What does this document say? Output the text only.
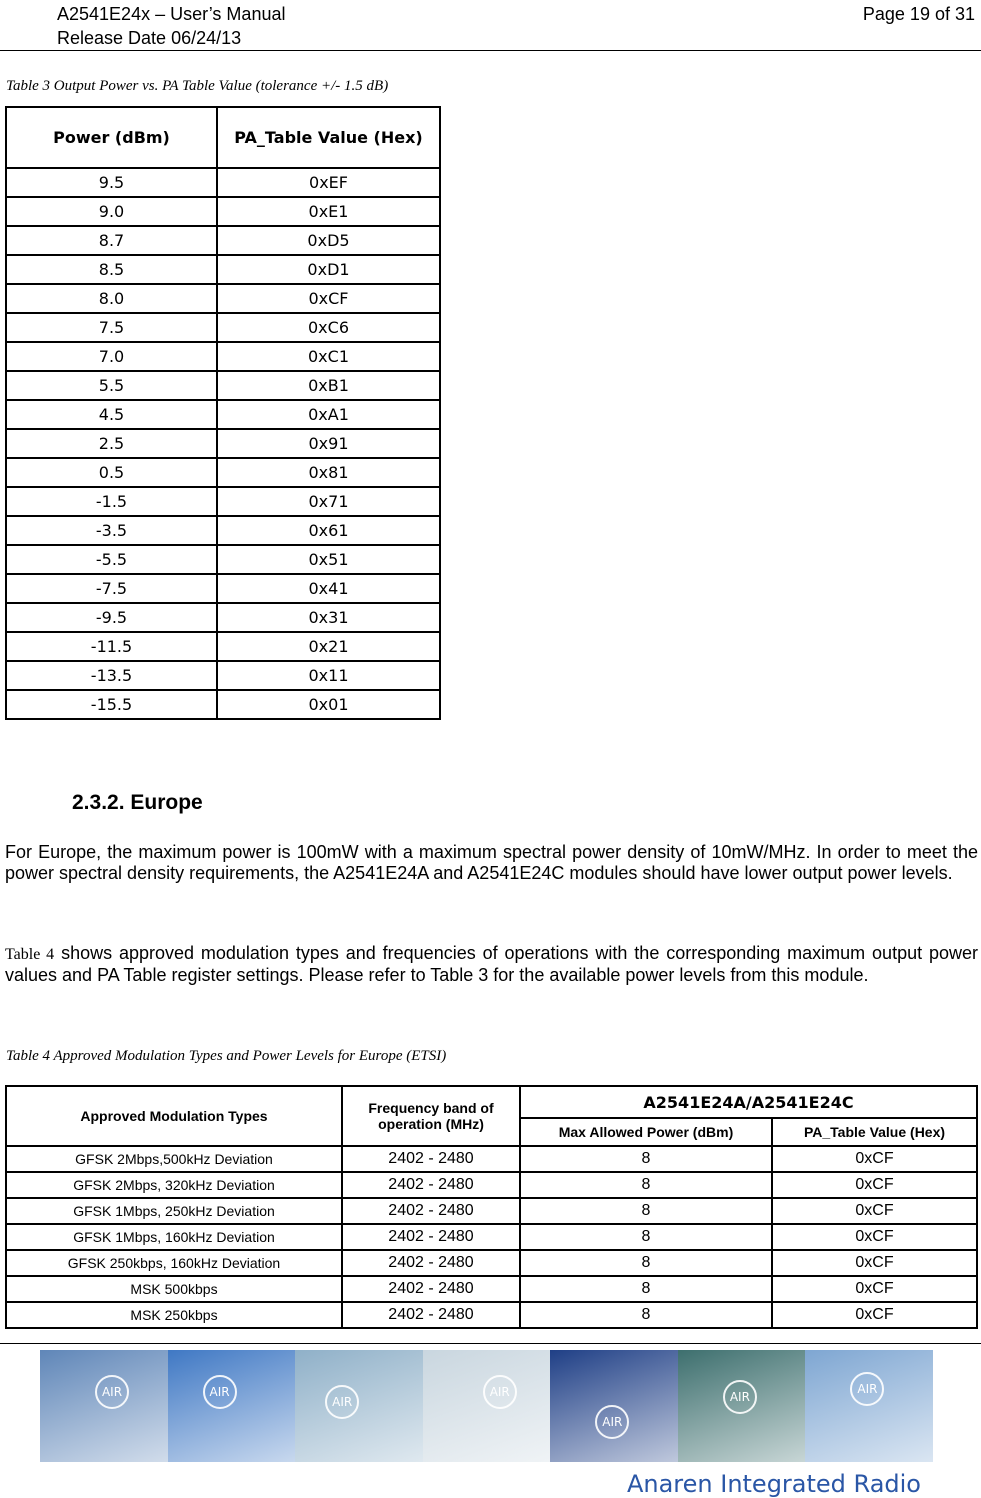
A2541E24x – User’s Manual
Release Date 06/24/13
Page 19 of 31
Table 3 Output Power vs. PA Table Value (tolerance +/- 1.5 dB)
Power (dBm)	PA_Table Value (Hex)
9.5	0xEF
9.0	0xE1
8.7	0xD5
8.5	0xD1
8.0	0xCF
7.5	0xC6
7.0	0xC1
5.5	0xB1
4.5	0xA1
2.5	0x91
0.5	0x81
-1.5	0x71
-3.5	0x61
-5.5	0x51
-7.5	0x41
-9.5	0x31
-11.5	0x21
-13.5	0x11
-15.5	0x01
2.3.2. Europe
For Europe, the maximum power is 100mW with a maximum spectral power density of 10mW/MHz. In order to meet the power spectral density requirements, the A2541E24A and A2541E24C modules should have lower output power levels.
Table 4 shows approved modulation types and frequencies of operations with the corresponding maximum output power values and PA Table register settings. Please refer to Table 3 for the available power levels from this module.
Table 4 Approved Modulation Types and Power Levels for Europe (ETSI)
Approved Modulation Types	Frequency band of operation (MHz)	A2541E24A/A2541E24C	
		Max Allowed Power (dBm)	PA_Table Value (Hex)
GFSK 2Mbps,500kHz Deviation	2402 - 2480	8	0xCF
GFSK 2Mbps, 320kHz Deviation	2402 - 2480	8	0xCF
GFSK 1Mbps, 250kHz Deviation	2402 - 2480	8	0xCF
GFSK 1Mbps, 160kHz Deviation	2402 - 2480	8	0xCF
GFSK 250kbps, 160kHz Deviation	2402 - 2480	8	0xCF
MSK 500kbps	2402 - 2480	8	0xCF
MSK 250kbps	2402 - 2480	8	0xCF
AIR	AIR
AIR
AIR
AIR
AIR
AIR
Anaren Integrated Radio
